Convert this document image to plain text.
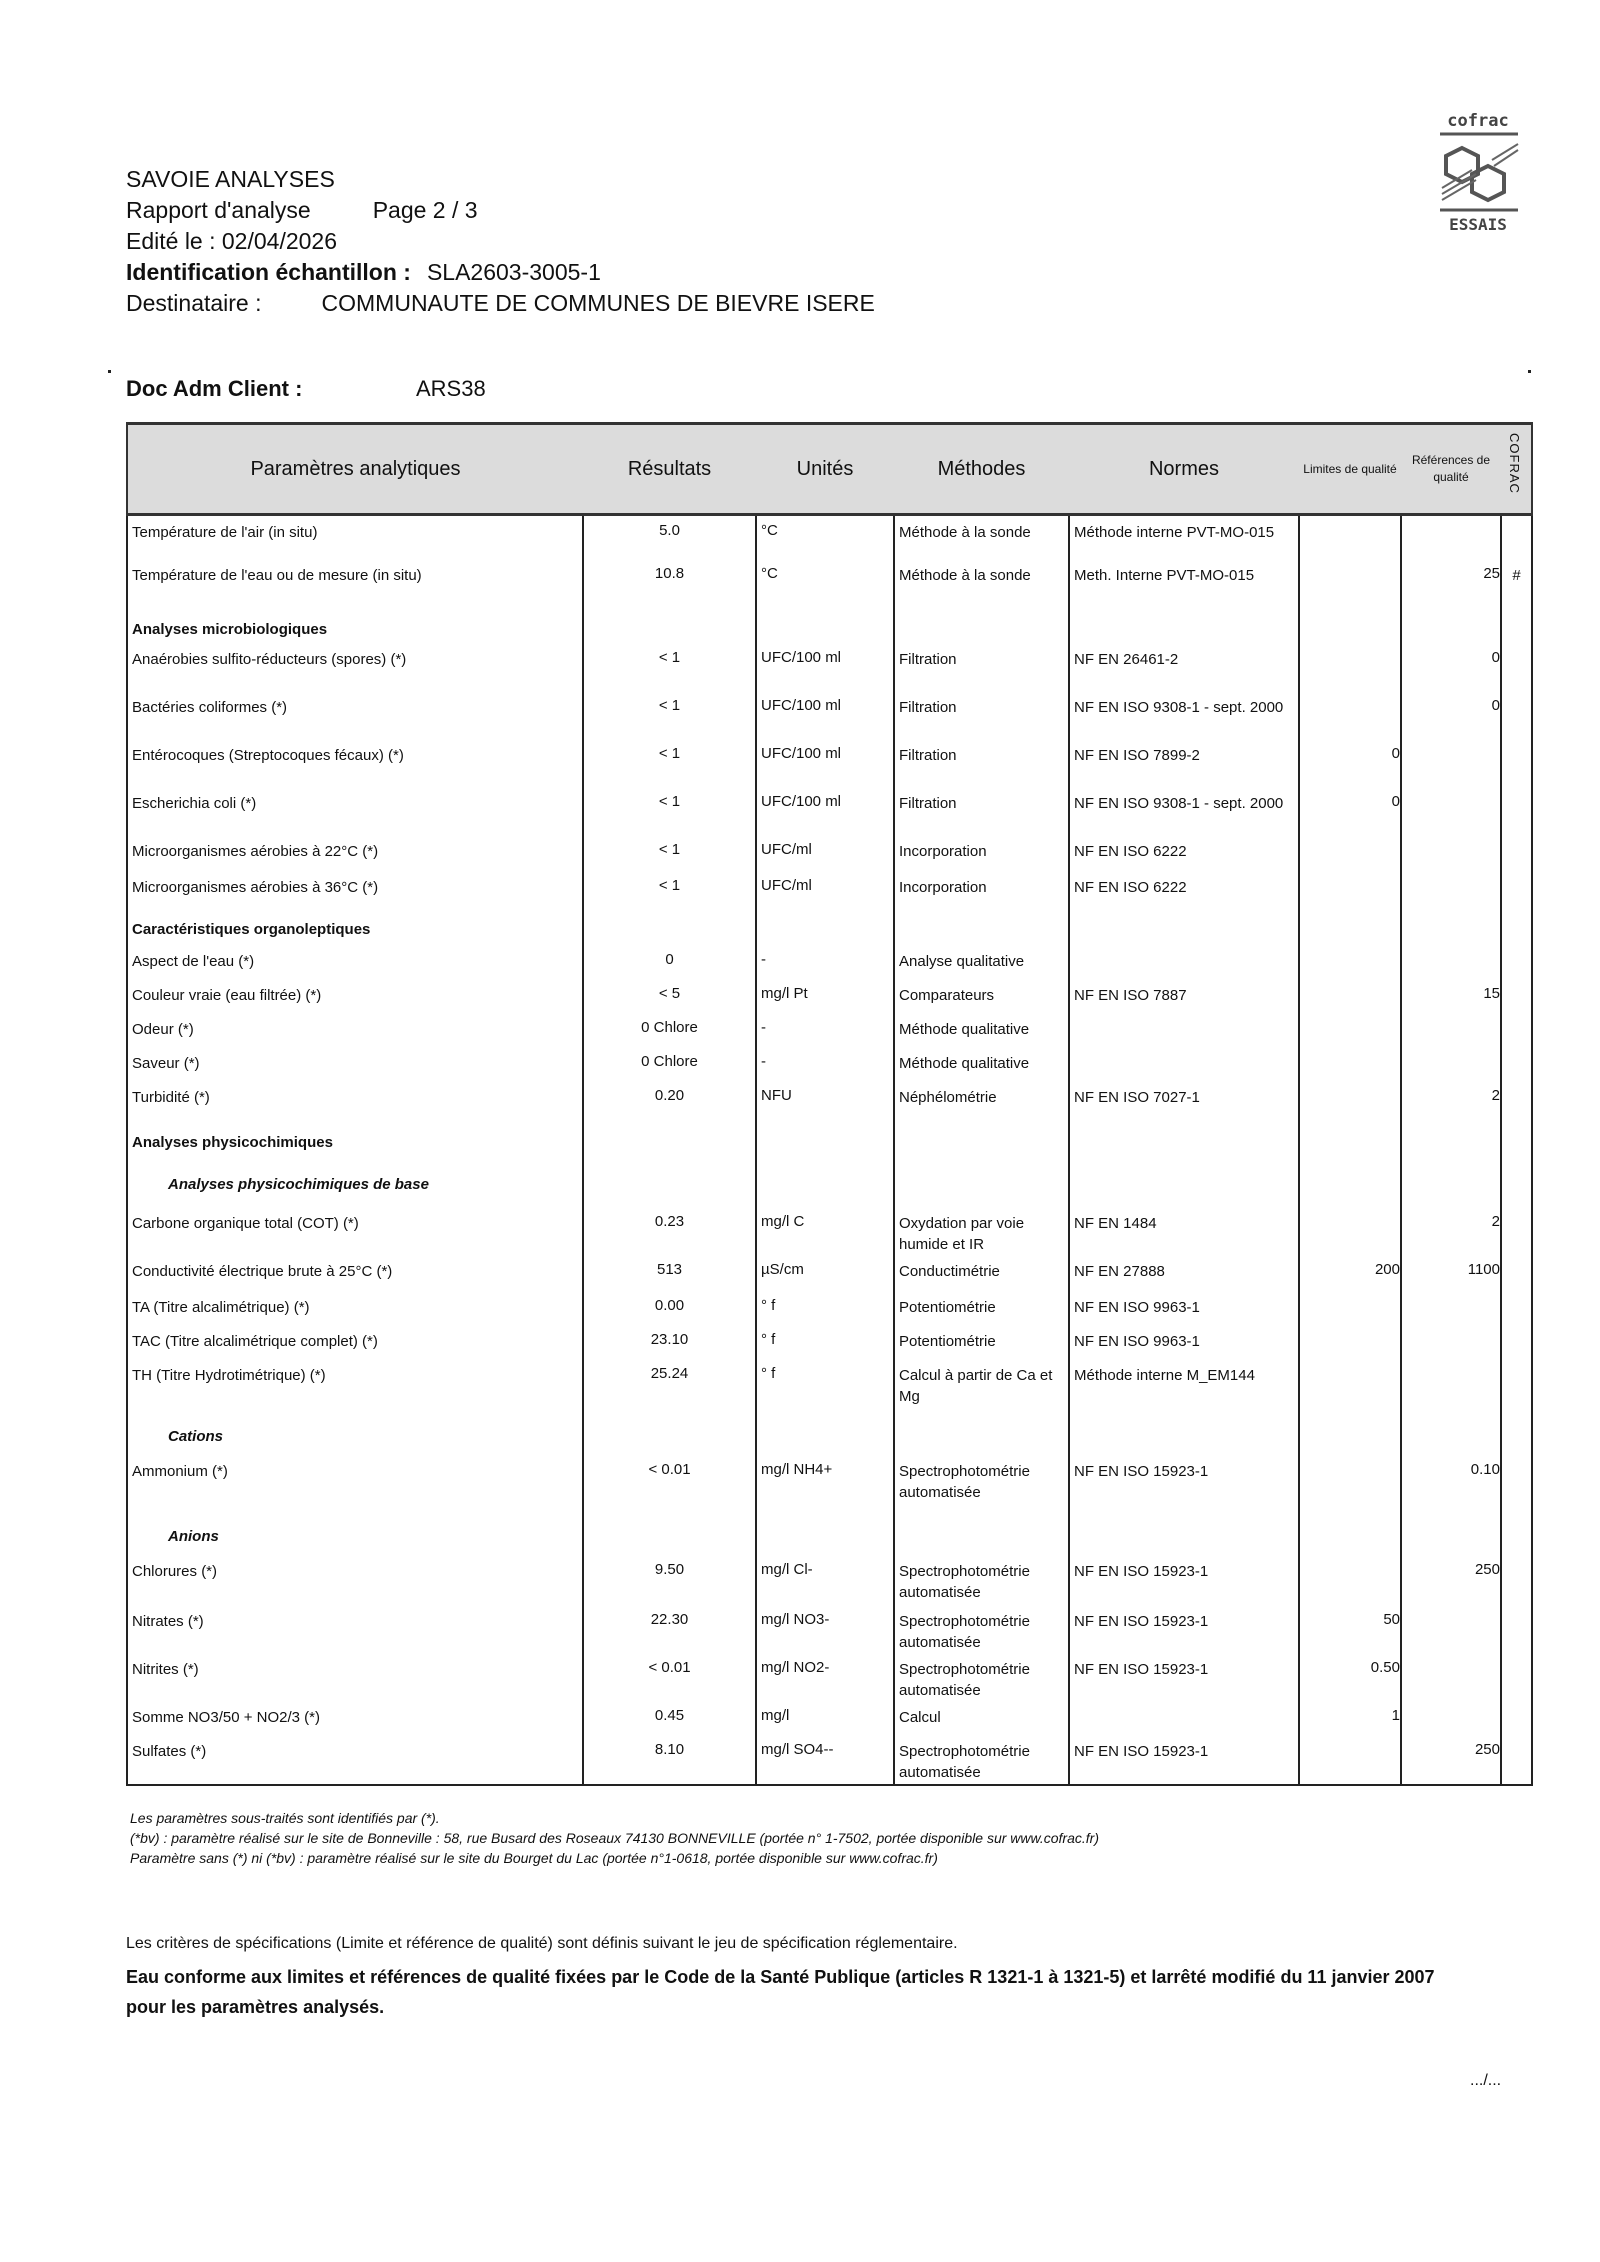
SAVOIE ANALYSES
Rapport d'analyse	Page 2 / 3
Edité le : 02/04/2026
Identification échantillon : SLA2603-3005-1
Destinataire :	COMMUNAUTE DE COMMUNES DE BIEVRE ISERE
cofrac
ESSAIS
Doc Adm Client :	ARS38
Paramètres analytiques	Résultats	Unités	Méthodes	Normes	Limites de qualité	Références de qualité	COFRAC

Température de l'air (in situ)	5.0	°C	Méthode à la sonde	Méthode interne PVT-MO-015			
Température de l'eau ou de mesure (in situ)	10.8	°C	Méthode à la sonde	Meth. Interne PVT-MO-015		25	#
Analyses microbiologiques							
Anaérobies sulfito-réducteurs (spores) (*)	< 1	UFC/100 ml	Filtration	NF EN 26461-2		0	
Bactéries coliformes (*)	< 1	UFC/100 ml	Filtration	NF EN ISO 9308-1 - sept. 2000		0	
Entérocoques (Streptocoques fécaux) (*)	< 1	UFC/100 ml	Filtration	NF EN ISO 7899-2	0		
Escherichia coli (*)	< 1	UFC/100 ml	Filtration	NF EN ISO 9308-1 - sept. 2000	0		
Microorganismes aérobies à 22°C (*)	< 1	UFC/ml	Incorporation	NF EN ISO 6222			
Microorganismes aérobies à 36°C (*)	< 1	UFC/ml	Incorporation	NF EN ISO 6222			
Caractéristiques organoleptiques							
Aspect de l'eau (*)	0	-	Analyse qualitative				
Couleur vraie (eau filtrée) (*)	< 5	mg/l Pt	Comparateurs	NF EN ISO 7887		15	
Odeur (*)	0 Chlore	-	Méthode qualitative				
Saveur (*)	0 Chlore	-	Méthode qualitative				
Turbidité (*)	0.20	NFU	Néphélométrie	NF EN ISO 7027-1		2	
Analyses physicochimiques							
Analyses physicochimiques de base							
Carbone organique total (COT) (*)	0.23	mg/l C	Oxydation par voie humide et IR	NF EN 1484		2	
Conductivité électrique brute à 25°C (*)	513	µS/cm	Conductimétrie	NF EN 27888	200	1100	
TA (Titre alcalimétrique) (*)	0.00	° f	Potentiométrie	NF EN ISO 9963-1			
TAC (Titre alcalimétrique complet) (*)	23.10	° f	Potentiométrie	NF EN ISO 9963-1			
TH (Titre Hydrotimétrique) (*)	25.24	° f	Calcul à partir de Ca et Mg	Méthode interne M_EM144			
Cations							
Ammonium (*)	< 0.01	mg/l NH4+	Spectrophotométrie automatisée	NF EN ISO 15923-1		0.10	
Anions							
Chlorures (*)	9.50	mg/l Cl-	Spectrophotométrie automatisée	NF EN ISO 15923-1		250	
Nitrates (*)	22.30	mg/l NO3-	Spectrophotométrie automatisée	NF EN ISO 15923-1	50		
Nitrites (*)	< 0.01	mg/l NO2-	Spectrophotométrie automatisée	NF EN ISO 15923-1	0.50		
Somme NO3/50 + NO2/3 (*)	0.45	mg/l	Calcul		1		
Sulfates (*)	8.10	mg/l SO4--	Spectrophotométrie automatisée	NF EN ISO 15923-1		250	
Les paramètres sous-traités sont identifiés par (*).
(*bv) : paramètre réalisé sur le site de Bonneville : 58, rue Busard des Roseaux 74130 BONNEVILLE (portée n° 1-7502, portée disponible sur www.cofrac.fr)
Paramètre sans (*) ni (*bv) : paramètre réalisé sur le site du Bourget du Lac (portée n°1-0618, portée disponible sur www.cofrac.fr)
Les critères de spécifications (Limite et référence de qualité) sont définis suivant le jeu de spécification réglementaire.
Eau conforme aux limites et références de qualité fixées par le Code de la Santé Publique (articles R 1321-1 à 1321-5) et larrêté modifié du 11 janvier 2007 pour les paramètres analysés.
.../...
